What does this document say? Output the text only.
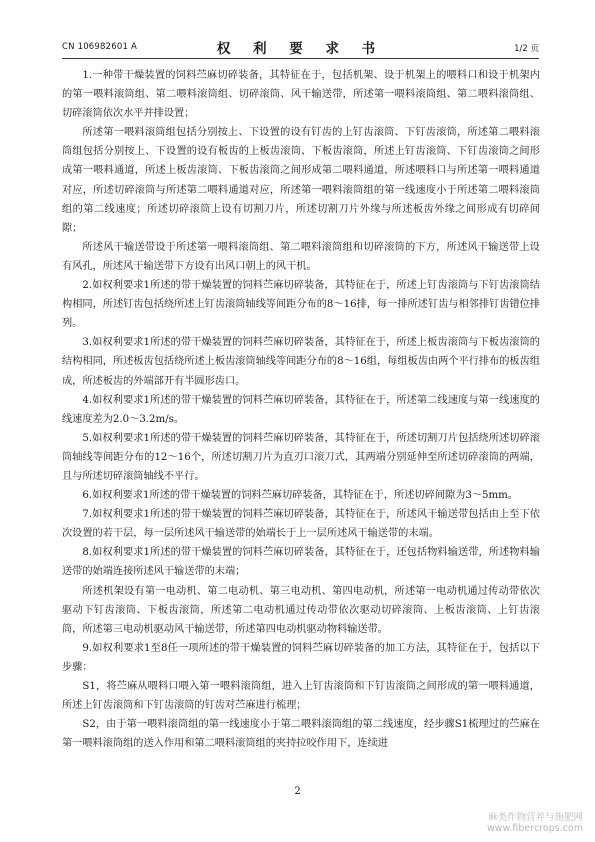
CN 106982601 A	权 利 要 求 书	1/2 页

1.一种带干燥装置的饲料苎麻切碎装备，其特征在于，包括机架、设于机架上的喂料口和设于机架内的第一喂料滚筒组、第二喂料滚筒组、切碎滚筒、风干输送带，所述第一喂料滚筒组、第二喂料滚筒组、切碎滚筒依次水平并排设置；

所述第一喂料滚筒组包括分别按上、下设置的设有钉齿的上钉齿滚筒、下钉齿滚筒，所述第二喂料滚筒组包括分别按上、下设置的设有板齿的上板齿滚筒、下板齿滚筒，所述上钉齿滚筒、下钉齿滚筒之间形成第一喂料通道，所述上板齿滚筒、下板齿滚筒之间形成第二喂料通道，所述喂料口与所述第一喂料通道对应，所述切碎滚筒与所述第二喂料通道对应，所述第一喂料滚筒组的第一线速度小于所述第二喂料滚筒组的第二线速度；所述切碎滚筒上设有切割刀片，所述切割刀片外缘与所述板齿外缘之间形成有切碎间隙；

所述风干输送带设于所述第一喂料滚筒组、第二喂料滚筒组和切碎滚筒的下方，所述风干输送带上设有风孔，所述风干输送带下方设有出风口朝上的风干机。

2.如权利要求1所述的带干燥装置的饲料苎麻切碎装备，其特征在于，所述上钉齿滚筒与下钉齿滚筒结构相同，所述钉齿包括绕所述上钉齿滚筒轴线等间距分布的8～16排，每一排所述钉齿与相邻排钉齿错位排列。

3.如权利要求1所述的带干燥装置的饲料苎麻切碎装备，其特征在于，所述上板齿滚筒与下板齿滚筒的结构相同，所述板齿包括绕所述上板齿滚筒轴线等间距分布的8～16组，每组板齿由两个平行排布的板齿组成，所述板齿的外端部开有半圆形齿口。

4.如权利要求1所述的带干燥装置的饲料苎麻切碎装备，其特征在于，所述第二线速度与第一线速度的线速度差为2.0～3.2m/s。

5.如权利要求1所述的带干燥装置的饲料苎麻切碎装备，其特征在于，所述切割刀片包括绕所述切碎滚筒轴线等间距分布的12～16个，所述切割刀片为直刃口滚刀式，其两端分别延伸至所述切碎滚筒的两端，且与所述切碎滚筒轴线不平行。

6.如权利要求1所述的带干燥装置的饲料苎麻切碎装备，其特征在于，所述切碎间隙为3～5mm。

7.如权利要求1所述的带干燥装置的饲料苎麻切碎装备，其特征在于，所述风干输送带包括由上至下依次设置的若干层，每一层所述风干输送带的始端长于上一层所述风干输送带的末端。

8.如权利要求1所述的带干燥装置的饲料苎麻切碎装备，其特征在于，还包括物料输送带，所述物料输送带的始端连接所述风干输送带的末端；

所述机架设有第一电动机、第二电动机、第三电动机、第四电动机，所述第一电动机通过传动带依次驱动下钉齿滚筒、下板齿滚筒，所述第二电动机通过传动带依次驱动切碎滚筒、上板齿滚筒、上钉齿滚筒，所述第三电动机驱动风干输送带，所述第四电动机驱动物料输送带。

9.如权利要求1至8任一项所述的带干燥装置的饲料苎麻切碎装备的加工方法，其特征在于，包括以下步骤：

S1，将苎麻从喂料口喂入第一喂料滚筒组，进入上钉齿滚筒和下钉齿滚筒之间形成的第一喂料通道，所述上钉齿滚筒和下钉齿滚筒的钉齿对苎麻进行梳理；

S2，由于第一喂料滚筒组的第一线速度小于第二喂料滚筒组的第二线速度，经步骤S1梳理过的苎麻在第一喂料滚筒组的送入作用和第二喂料滚筒组的夹持拉咬作用下，连续进

2
麻类作物营养与施肥网
www.fibercrops.com
